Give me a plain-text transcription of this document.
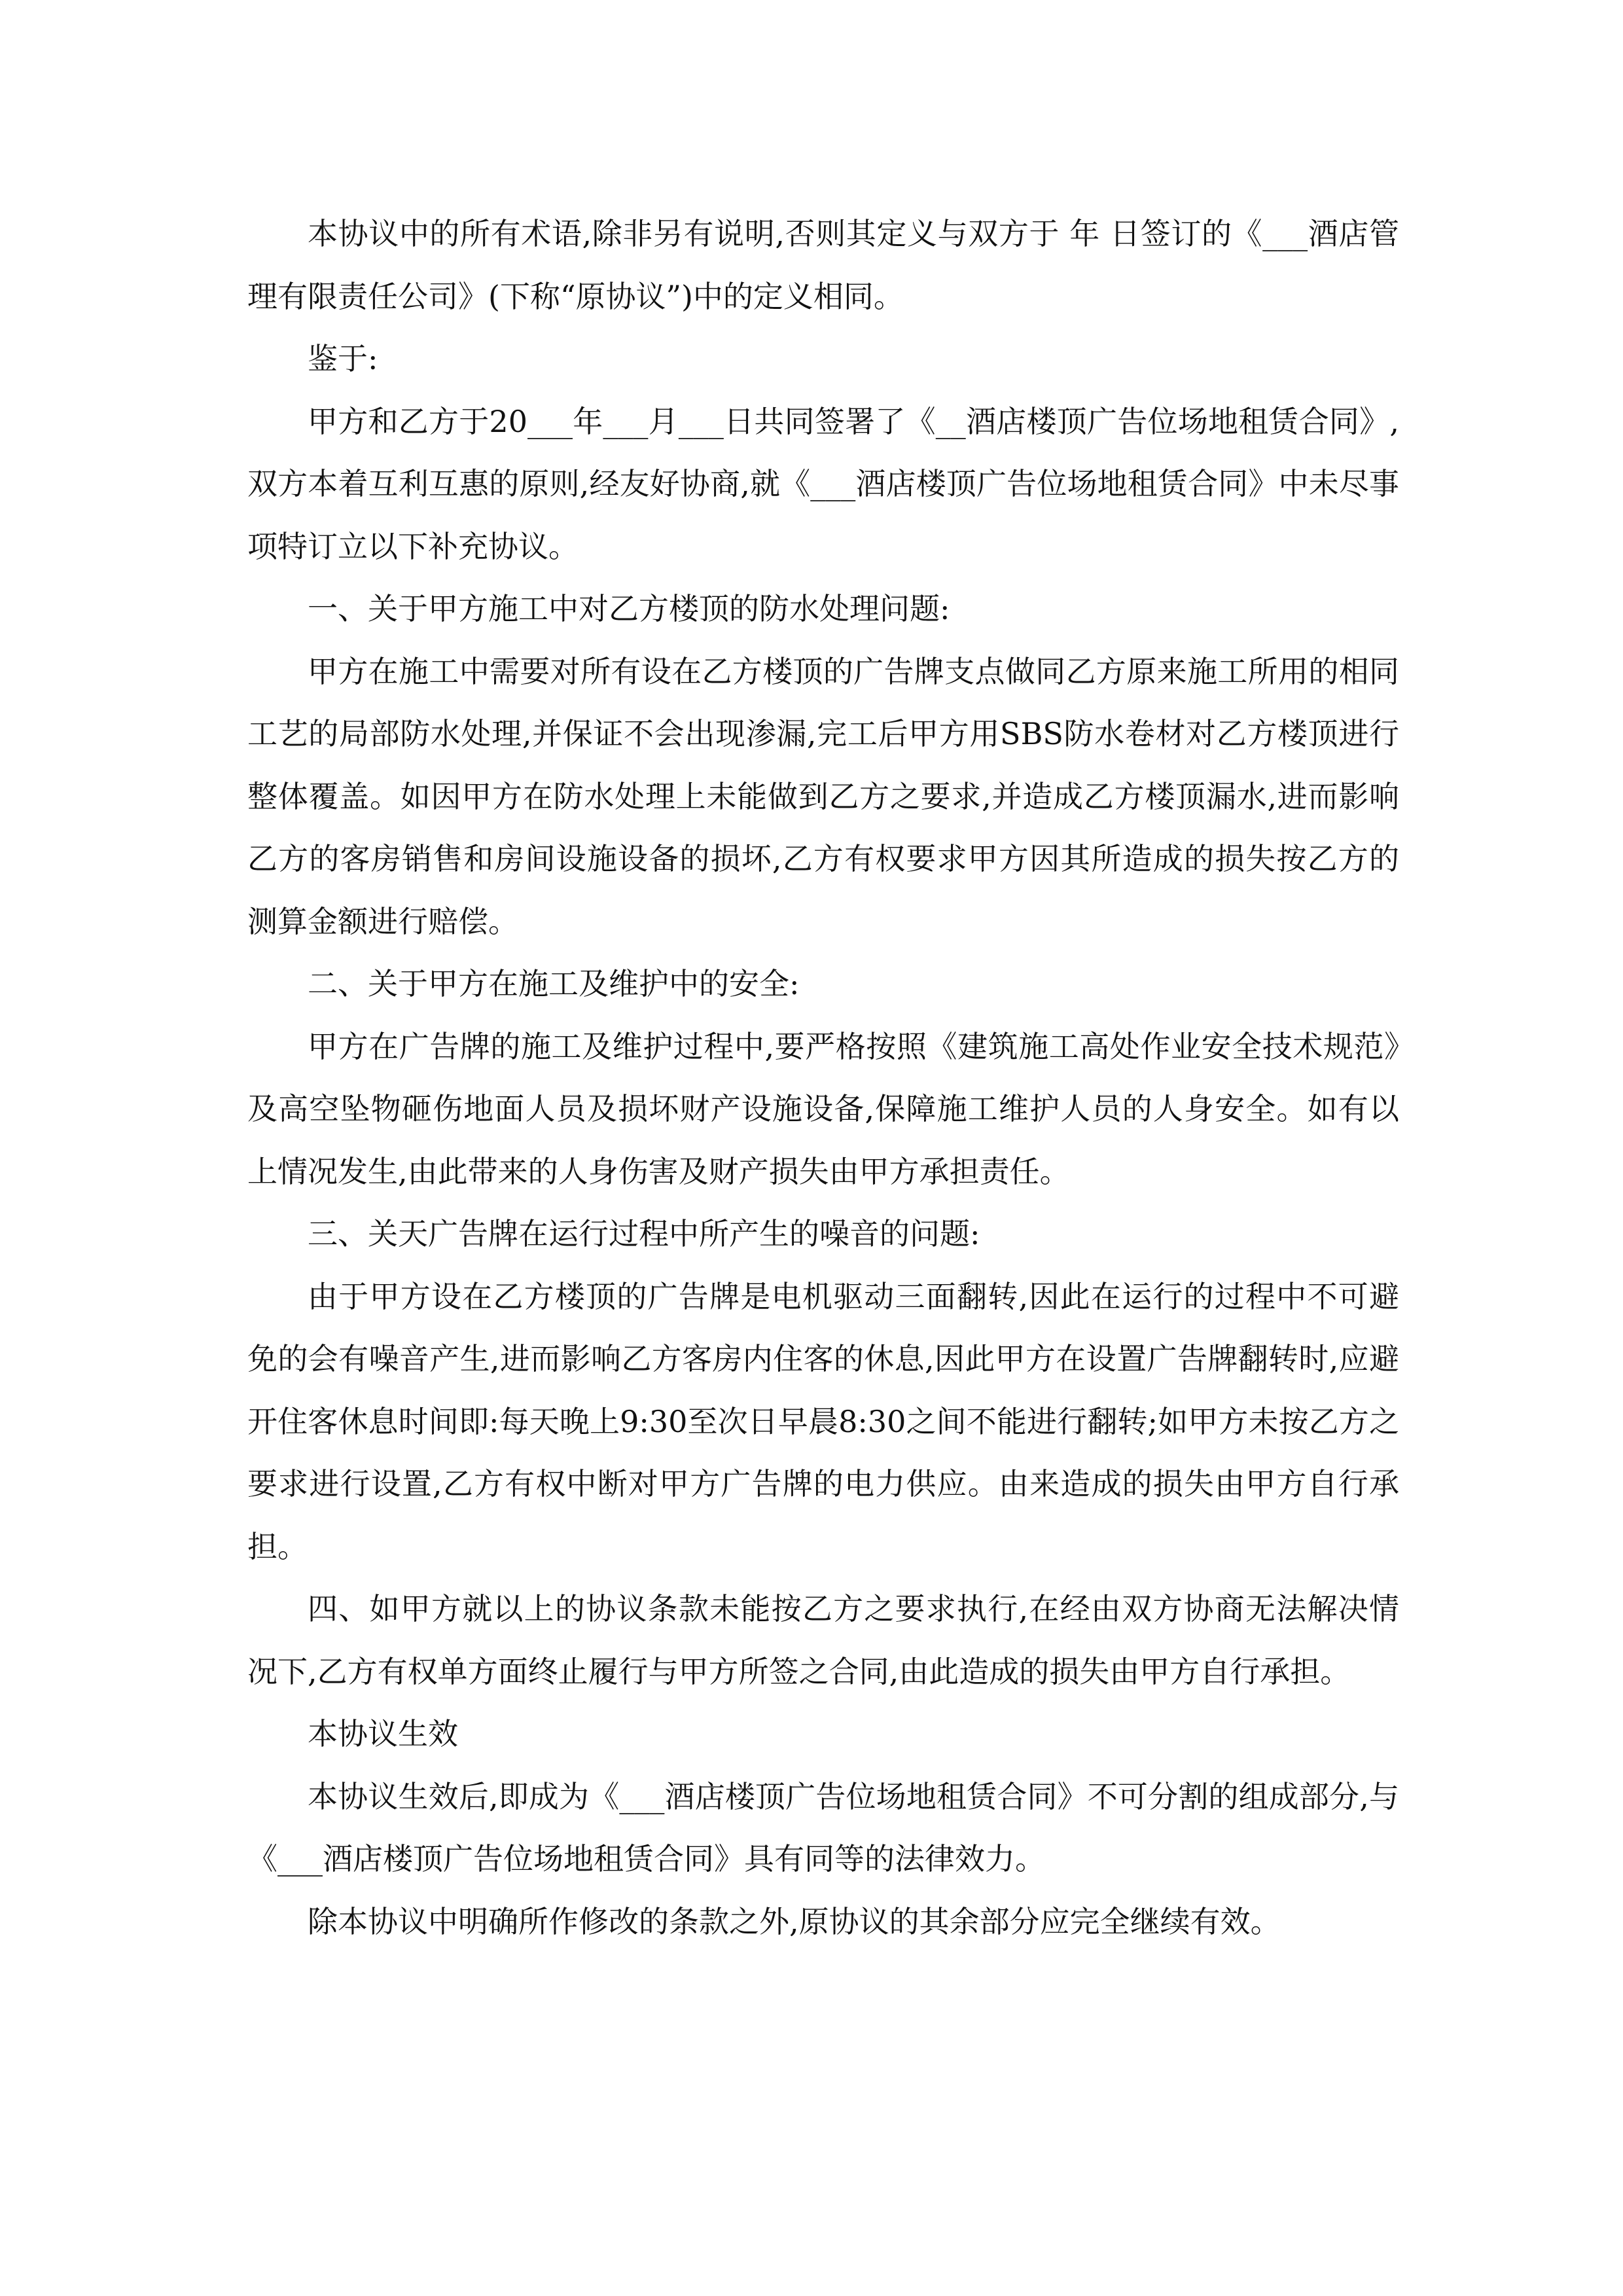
本协议中的所有术语,除非另有说明,否则其定义与双方于 年 日签订的《___酒店管理有限责任公司》(下称“原协议”)中的定义相同。

鉴于:

甲方和乙方于20___年___月___日共同签署了《__酒店楼顶广告位场地租赁合同》,双方本着互利互惠的原则,经友好协商,就《___酒店楼顶广告位场地租赁合同》中未尽事项特订立以下补充协议。

一、关于甲方施工中对乙方楼顶的防水处理问题:

甲方在施工中需要对所有设在乙方楼顶的广告牌支点做同乙方原来施工所用的相同工艺的局部防水处理,并保证不会出现渗漏,完工后甲方用SBS防水卷材对乙方楼顶进行整体覆盖。如因甲方在防水处理上未能做到乙方之要求,并造成乙方楼顶漏水,进而影响乙方的客房销售和房间设施设备的损坏,乙方有权要求甲方因其所造成的损失按乙方的测算金额进行赔偿。

二、关于甲方在施工及维护中的安全:

甲方在广告牌的施工及维护过程中,要严格按照《建筑施工高处作业安全技术规范》及高空坠物砸伤地面人员及损坏财产设施设备,保障施工维护人员的人身安全。如有以上情况发生,由此带来的人身伤害及财产损失由甲方承担责任。

三、关天广告牌在运行过程中所产生的噪音的问题:

由于甲方设在乙方楼顶的广告牌是电机驱动三面翻转,因此在运行的过程中不可避免的会有噪音产生,进而影响乙方客房内住客的休息,因此甲方在设置广告牌翻转时,应避开住客休息时间即:每天晚上9:30至次日早晨8:30之间不能进行翻转;如甲方未按乙方之要求进行设置,乙方有权中断对甲方广告牌的电力供应。由来造成的损失由甲方自行承担。

四、如甲方就以上的协议条款未能按乙方之要求执行,在经由双方协商无法解决情况下,乙方有权单方面终止履行与甲方所签之合同,由此造成的损失由甲方自行承担。

本协议生效

本协议生效后,即成为《___酒店楼顶广告位场地租赁合同》不可分割的组成部分,与《___酒店楼顶广告位场地租赁合同》具有同等的法律效力。

除本协议中明确所作修改的条款之外,原协议的其余部分应完全继续有效。
